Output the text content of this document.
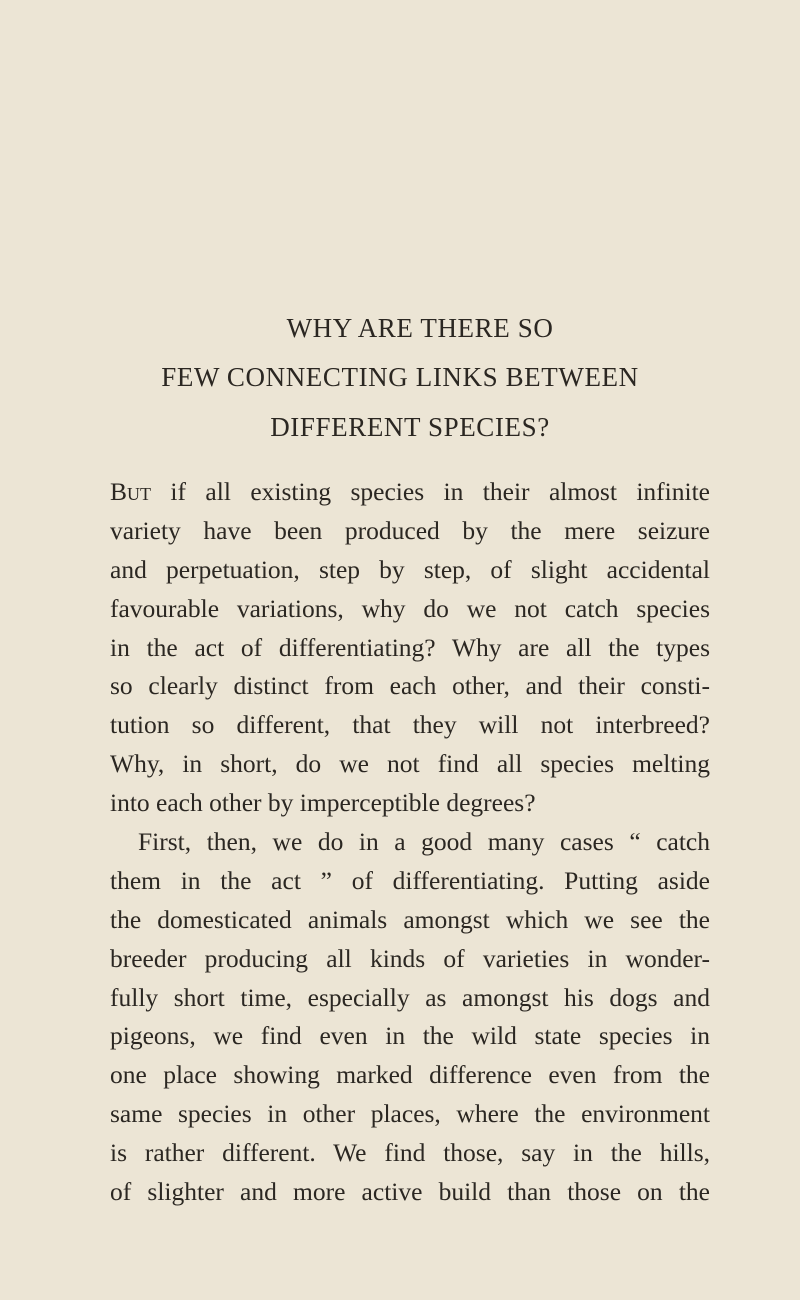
WHY ARE THERE SO
FEW CONNECTING LINKS BETWEEN
DIFFERENT SPECIES?
But if all existing species in their almost infinite
variety have been produced by the mere seizure
and perpetuation, step by step, of slight accidental
favourable variations, why do we not catch species
in the act of differentiating? Why are all the types
so clearly distinct from each other, and their consti-
tution so different, that they will not interbreed?
Why, in short, do we not find all species melting
into each other by imperceptible degrees?
First, then, we do in a good many cases “ catch
them in the act ” of differentiating. Putting aside
the domesticated animals amongst which we see the
breeder producing all kinds of varieties in wonder-
fully short time, especially as amongst his dogs and
pigeons, we find even in the wild state species in
one place showing marked difference even from the
same species in other places, where the environment
is rather different. We find those, say in the hills,
of slighter and more active build than those on the
